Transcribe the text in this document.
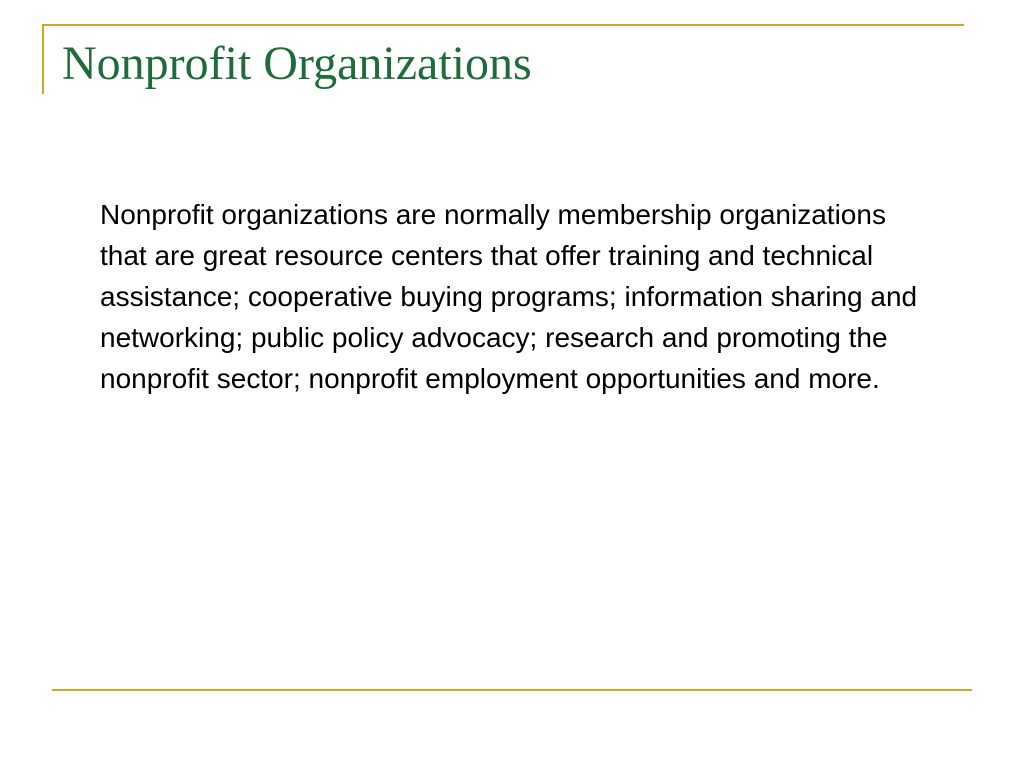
Nonprofit Organizations

Nonprofit organizations are normally membership organizations that are great resource centers that offer training and technical assistance; cooperative buying programs; information sharing and networking; public policy advocacy; research and promoting the nonprofit sector; nonprofit employment opportunities and more.
